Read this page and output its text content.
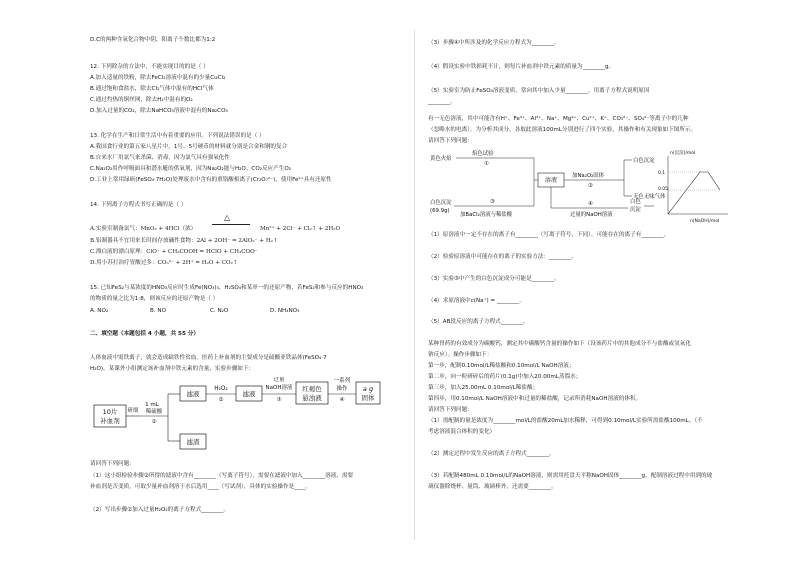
D.C的两种含氧化合物中阴、阳离子个数比都为1:2
12. 下列除杂的方法中，不能实现目的的是（ ）
A.加入适量的铁粉，除去FeCl₂溶液中混有的少量CuCl₂
B.通过饱和食盐水，除去Cl₂气体中混有的HCl气体
C.通过灼热的铜丝网，除去H₂中混有的O₂
D.加入过量的CO₂，除去NaHCO₃溶液中混有的Na₂CO₃
13. 化学在生产和日常生活中有着重要的应用。下列说法错误的是（ ）
A.我国食行业的第五家八星片中，1号、5号硬币的材料就分别是合金和钢的复合
B.自来水厂用氯气来杀菌、消毒，因为氯气具有强氧化性
C.Na₂O₂用作呼吸面具和潜水艇的供氧剂，因为Na₂O₂能与H₂O、CO₂反应产生O₂
D.工业上常用绿矾(FeSO₄·7H₂O)处理废水中含有的重铬酸根离子(Cr₂O₇²⁻)，使用Fe²⁺具有还原性
14. 下列离子方程式书写正确的是（ ）
△
A.实验室制备氯气：MnO₂ + 4HCl（浓）	Mn²⁺ + 2Cl⁻ + Cl₂↑ + 2H₂O
B.铝制器具不宜用来长时间存放碱性食物：2Al + 2OH⁻ = 2AlO₂⁻ + H₂↑
C.漂白液的漂白原理：ClO⁻ + CH₃COOH = HClO + CH₃COO⁻
D.用小苏打治疗胃酸过多：CO₃²⁻ + 2H⁺ = H₂O + CO₂↑
15. 已知FeS₂与某浓度的HNO₃反应时生成Fe(NO₃)₃、H₂SO₄和某单一的还原产物，若FeS₂和参与反应的HNO₃
的物质的量之比为1:8，则该反应的还原产物是（ ）
A. NO₂	B. NO	C. N₂O	D. NH₄NO₃
二、填空题（本题包括 4 小题，共 55 分）
人体血液中需铁离子，就会造成缺铁性贫血。医药上补血剂的主要成分是硫酸亚铁晶体(FeSO₄·7
H₂O)。某课外小组测定该补血剂中铁元素的含量，实验步骤如下：
10片
补血剂
研细
1 mL
稀硫酸
①
滤液
滤渣
H₂O₂
②
滤液
过量
NaOH溶液
③
红褐色
悬浊液
一系列
操作
④
a g
固体
请回答下列问题：
（1）这小组检验步骤②所得的滤液中含有________（写离子符号），需要在滤液中加入________溶液，需要
补血剂是否变质，可取少量补血剂溶于水后选用____（写试剂），具体的实验操作是____。
（2）写出步骤②加入过量H₂O₂的离子方程式________。
（3）步骤④中所涉及的化学反应方程式为________。
（4）假设实验中铁损耗不计，则每片补血剂中铁元素的质量为________g。
（5）实验室为防止FeSO₄溶液变质，常向其中加入少量________，用离子方程式说明原因
________。
有一无色溶液，其中可能含有H⁺、Fe³⁺、Al³⁺、Na⁺、Mg²⁺、Cu²⁺、K⁺、CO₃²⁻、SO₄²⁻等离子中的几种
（忽略水的电离），为分析其成分，各取此溶液100mL分别进行了四个实验，其操作和有关现象如下图所示。
请回答下列问题：
黄色火焰
焰色试验
①
溶液
加Na₂O₂固体
②
白色沉淀
无色无味气体
白色沉淀
(69.9g)
加BaCl₂溶液与稀盐酸
③
过量的NaOH溶液
④	白色
沉淀
n(沉淀)/mol
0.1
0.05
n(NaOH)/mol
（1）原溶液中一定不存在的离子有________（写离子符号，下同），可能存在的离子有________。
（2）检验原溶液中可能存在的离子的实验方法：________。
（3）实验③中产生的白色沉淀成分可能是________。
（4）求原溶液中c(Na⁺) = ________。
（5）AB段反应的离子方程式________。
某种胃药的有效成分为碳酸钙，测定其中碳酸钙含量的操作如下（设该药片中的其他成分不与盐酸或氢氧化
钠反应）。操作步骤如下：
第一步，配制0.10mol/L稀盐酸和0.10mol/L NaOH溶液；
第二步，向一粒研碎后的药片(0.1g)中加入20.00mL蒸馏水；
第三步，加入25.00mL 0.10mol/L稀盐酸；
第四步，用0.10mol/L NaOH溶液中和过量的稀盐酸，记录所消耗NaOH溶液的体积。
请回答下列问题：
（1）需配制的量是浓度为________mol/L的盐酸20mL加水稀释，可得到0.10mol/L实验所需盐酸100mL。（不
考虑溶液混合体积的变化）
（2）测定过程中发生反应的离子方程式________。
（3）若配制480mL 0.10mol/L的NaOH溶液，则需用托盘天平称NaOH固体________g，配制溶液过程中用到的玻
璃仪器除烧杯、量筒、玻璃棒外，还需要________。
